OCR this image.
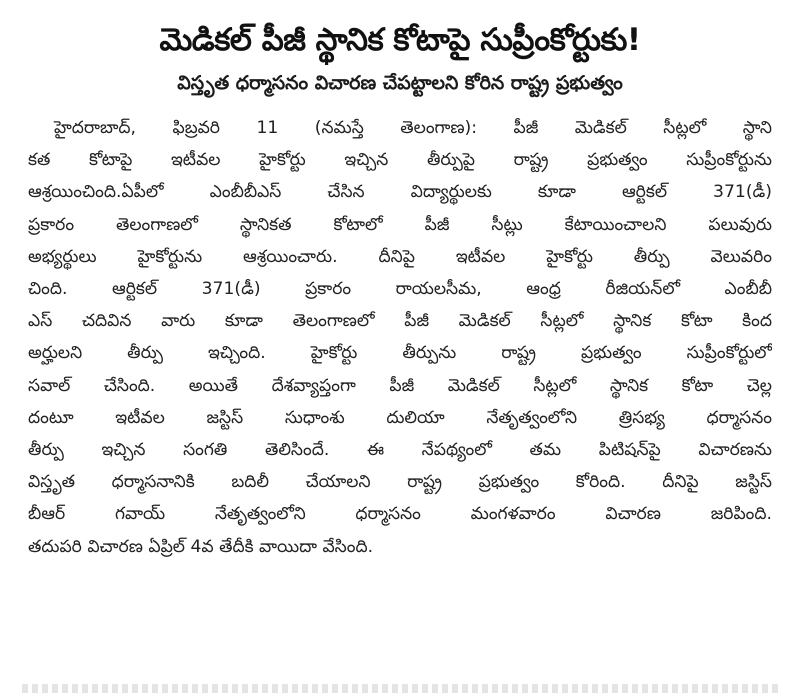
మెడికల్ పీజీ స్థానిక కోటాపై సుప్రీంకోర్టుకు!
విస్తృత ధర్మాసనం విచారణ చేపట్టాలని కోరిన రాష్ట్ర ప్రభుత్వం
హైదరాబాద్, ఫిబ్రవరి 11 (నమస్తే తెలంగాణ): పీజీ మెడికల్ సీట్లలో స్థాని
కత కోటాపై ఇటీవల హైకోర్టు ఇచ్చిన తీర్పుపై రాష్ట్ర ప్రభుత్వం సుప్రీంకోర్టును
ఆశ్రయించింది.ఏపీలో ఎంబీబీఎస్ చేసిన విద్యార్థులకు కూడా ఆర్టికల్ 371(డీ)
ప్రకారం తెలంగాణలో స్థానికత కోటాలో పీజీ సీట్లు కేటాయించాలని పలువురు
అభ్యర్థులు హైకోర్టును ఆశ్రయించారు. దీనిపై ఇటీవల హైకోర్టు తీర్పు వెలువరిం
చింది. ఆర్టికల్ 371(డీ) ప్రకారం రాయలసీమ, ఆంధ్ర రీజియన్‌లో ఎంబీబీ
ఎస్ చదివిన వారు కూడా తెలంగాణలో పీజీ మెడికల్ సీట్లలో స్థానిక కోటా కింద
అర్హులని తీర్పు ఇచ్చింది. హైకోర్టు తీర్పును రాష్ట్ర ప్రభుత్వం సుప్రీంకోర్టులో
సవాల్ చేసింది. అయితే దేశవ్యాప్తంగా పీజీ మెడికల్ సీట్లలో స్థానిక కోటా చెల్ల
దంటూ ఇటీవల జస్టిస్ సుధాంశు దులియా నేతృత్వంలోని త్రిసభ్య ధర్మాసనం
తీర్పు ఇచ్చిన సంగతి తెలిసిందే. ఈ నేపథ్యంలో తమ పిటిషన్‌పై విచారణను
విస్తృత ధర్మాసనానికి బదిలీ చేయాలని రాష్ట్ర ప్రభుత్వం కోరింది. దీనిపై జస్టిస్
బీఆర్ గవాయ్ నేతృత్వంలోని ధర్మాసనం మంగళవారం విచారణ జరిపింది.
తదుపరి విచారణ ఏప్రిల్ 4వ తేదీకి వాయిదా వేసింది.
